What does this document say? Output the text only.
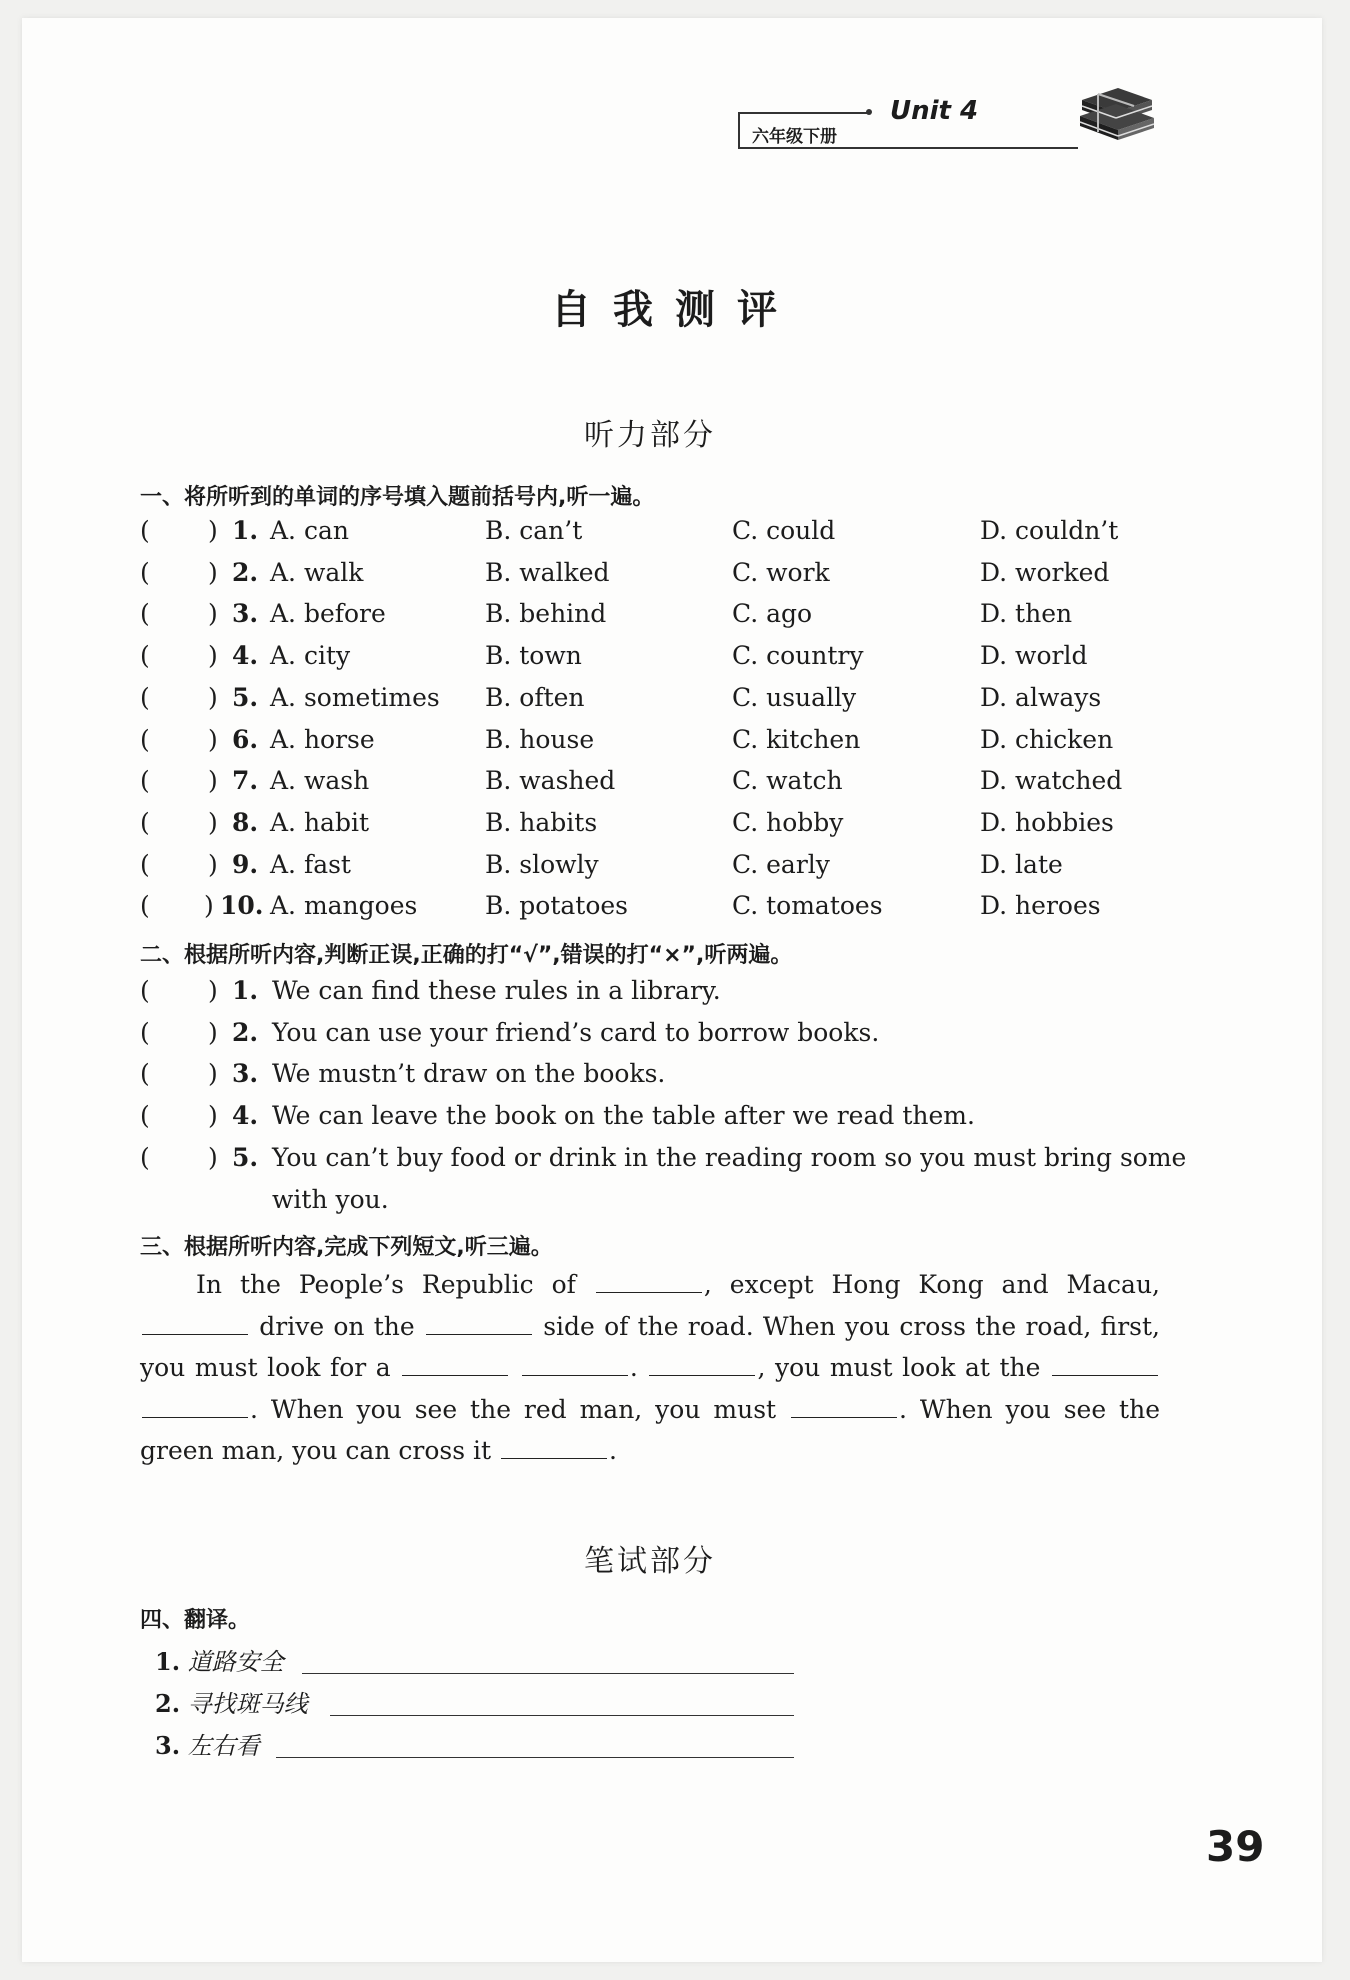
六年级下册
Unit 4
自我测评
听力部分
一、将所听到的单词的序号填入题前括号内,听一遍。
( ) 1. A. can	B. can’t	C. could	D. couldn’t
( ) 2. A. walk	B. walked	C. work	D. worked
( ) 3. A. before	B. behind	C. ago	D. then
( ) 4. A. city	B. town	C. country	D. world
( ) 5. A. sometimes B. often	C. usually	D. always
( ) 6. A. horse	B. house	C. kitchen	D. chicken
( ) 7. A. wash	B. washed	C. watch	D. watched
( ) 8. A. habit	B. habits	C. hobby	D. hobbies
( ) 9. A. fast	B. slowly	C. early	D. late
( ) 10. A. mangoes	B. potatoes	C. tomatoes	D. heroes
二、根据所听内容,判断正误,正确的打“√”,错误的打“×”,听两遍。
( ) 1. We can find these rules in a library.
( ) 2. You can use your friend’s card to borrow books.
( ) 3. We mustn’t draw on the books.
( ) 4. We can leave the book on the table after we read them.
( ) 5. You can’t buy food or drink in the reading room so you must bring some
with you.
三、根据所听内容,完成下列短文,听三遍。
In the People’s Republic of	, except Hong Kong and Macau,  drive on the	side of the road. When you cross the road, first, you must look for a	.	, you must look at the  . When you see the red man, you must	. When you see the green man, you can cross it	.
笔试部分
四、翻译。
1. 道路安全
2. 寻找斑马线
3. 左右看
39
